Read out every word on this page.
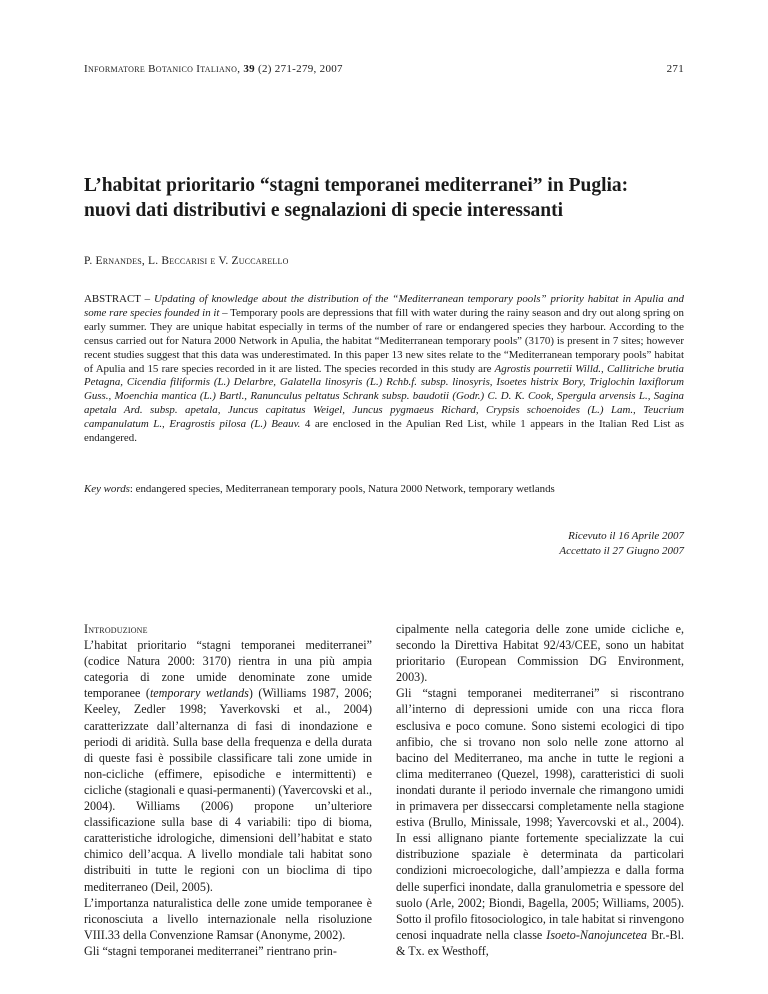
Informatore Botanico Italiano, 39 (2) 271-279, 2007	271
L’habitat prioritario “stagni temporanei mediterranei” in Puglia:
nuovi dati distributivi e segnalazioni di specie interessanti
P. Ernandes, L. Beccarisi e V. Zuccarello
ABSTRACT – Updating of knowledge about the distribution of the “Mediterranean temporary pools” priority habitat in Apulia and some rare species founded in it – Temporary pools are depressions that fill with water during the rainy season and dry out along spring on early summer. They are unique habitat especially in terms of the number of rare or endangered species they harbour. According to the census carried out for Natura 2000 Network in Apulia, the habitat “Mediterranean temporary pools” (3170) is present in 7 sites; however recent studies suggest that this data was underestimated. In this paper 13 new sites relate to the “Mediterranean temporary pools” habitat of Apulia and 15 rare species recorded in it are listed. The species recorded in this study are Agrostis pourretii Willd., Callitriche brutia Petagna, Cicendia filiformis (L.) Delarbre, Galatella linosyris (L.) Rchb.f. subsp. linosyris, Isoetes histrix Bory, Triglochin laxiflorum Guss., Moenchia mantica (L.) Bartl., Ranunculus peltatus Schrank subsp. baudotii (Godr.) C. D. K. Cook, Spergula arvensis L., Sagina apetala Ard. subsp. apetala, Juncus capitatus Weigel, Juncus pygmaeus Richard, Crypsis schoenoides (L.) Lam., Teucrium campanulatum L., Eragrostis pilosa (L.) Beauv. 4 are enclosed in the Apulian Red List, while 1 appears in the Italian Red List as endangered.
Key words: endangered species, Mediterranean temporary pools, Natura 2000 Network, temporary wetlands
Ricevuto il 16 Aprile 2007
Accettato il 27 Giugno 2007
Introduzione

L’habitat prioritario “stagni temporanei mediterranei” (codice Natura 2000: 3170) rientra in una più ampia categoria di zone umide denominate zone umide temporanee (temporary wetlands) (Williams 1987, 2006; Keeley, Zedler 1998; Yaverkovski et al., 2004) caratterizzate dall’alternanza di fasi di inondazione e periodi di aridità. Sulla base della frequenza e della durata di queste fasi è possibile classificare tali zone umide in non-cicliche (effimere, episodiche e intermittenti) e cicliche (stagionali e quasi-permanenti) (Yavercovski et al., 2004). Williams (2006) propone un’ulteriore classificazione sulla base di 4 variabili: tipo di bioma, caratteristiche idrologiche, dimensioni dell’habitat e stato chimico dell’acqua. A livello mondiale tali habitat sono distribuiti in tutte le regioni con un bioclima di tipo mediterraneo (Deil, 2005).

L’importanza naturalistica delle zone umide temporanee è riconosciuta a livello internazionale nella risoluzione VIII.33 della Convenzione Ramsar (Anonyme, 2002).

Gli “stagni temporanei mediterranei” rientrano prin-

cipalmente nella categoria delle zone umide cicliche e, secondo la Direttiva Habitat 92/43/CEE, sono un habitat prioritario (European Commission DG Environment, 2003).

Gli “stagni temporanei mediterranei” si riscontrano all’interno di depressioni umide con una ricca flora esclusiva e poco comune. Sono sistemi ecologici di tipo anfibio, che si trovano non solo nelle zone attorno al bacino del Mediterraneo, ma anche in tutte le regioni a clima mediterraneo (Quezel, 1998), caratteristici di suoli inondati durante il periodo invernale che rimangono umidi in primavera per disseccarsi completamente nella stagione estiva (Brullo, Minissale, 1998; Yavercovski et al., 2004). In essi allignano piante fortemente specializzate la cui distribuzione spaziale è determinata da particolari condizioni microecologiche, dall’ampiezza e dalla forma delle superfici inondate, dalla granulometria e spessore del suolo (Arle, 2002; Biondi, Bagella, 2005; Williams, 2005). Sotto il profilo fitosociologico, in tale habitat si rinvengono cenosi inquadrate nella classe Isoeto-Nanojuncetea Br.-Bl. & Tx. ex Westhoff,
